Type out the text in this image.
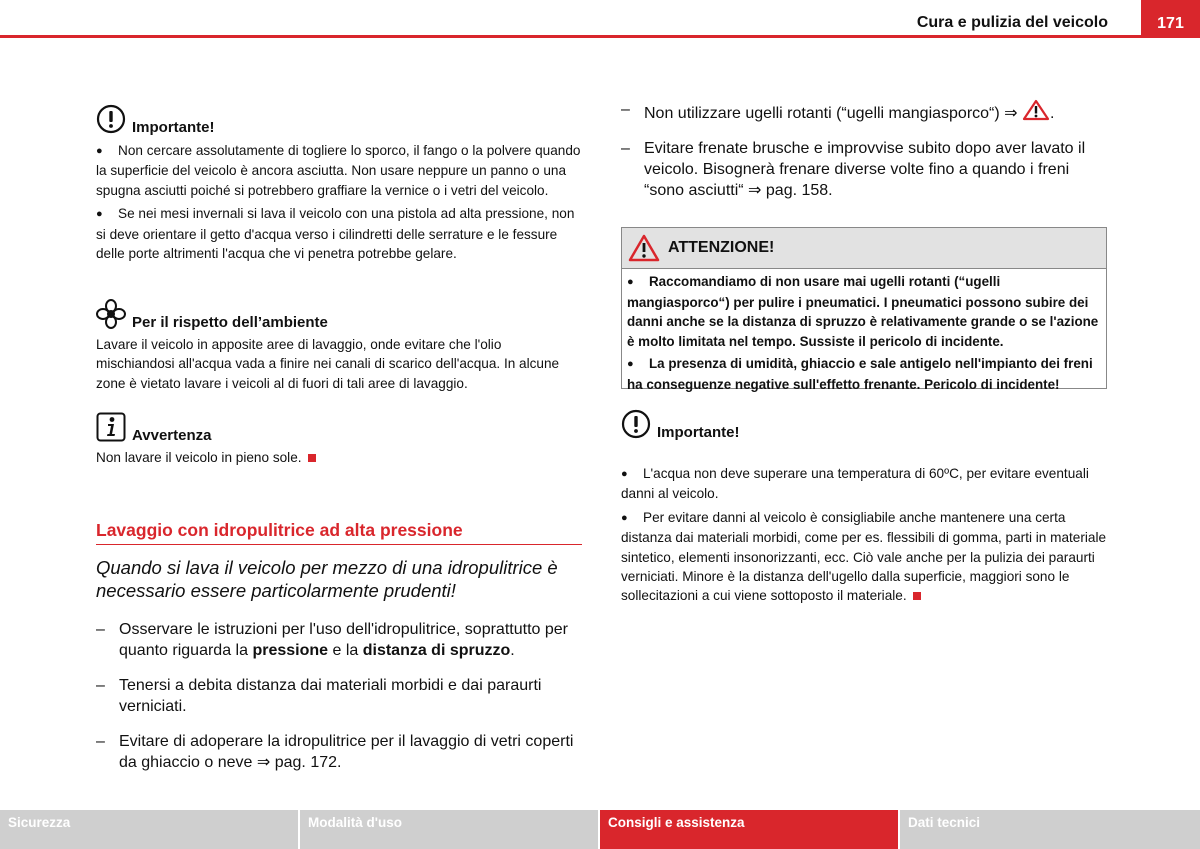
Cura e pulizia del veicolo	171
Importante!

● Non cercare assolutamente di togliere lo sporco, il fango o la polvere quando la superficie del veicolo è ancora asciutta. Non usare neppure un panno o una spugna asciutti poiché si potrebbero graffiare la vernice o i vetri del veicolo.

● Se nei mesi invernali si lava il veicolo con una pistola ad alta pressione, non si deve orientare il getto d'acqua verso i cilindretti delle serrature e le fessure delle porte altrimenti l'acqua che vi penetra potrebbe gelare.

Per il rispetto dell’ambiente
Lavare il veicolo in apposite aree di lavaggio, onde evitare che l'olio mischiandosi all'acqua vada a finire nei canali di scarico dell'acqua. In alcune zone è vietato lavare i veicoli al di fuori di tali aree di lavaggio.
Avvertenza
Non lavare il veicolo in pieno sole.
Lavaggio con idropulitrice ad alta pressione
Quando si lava il veicolo per mezzo di una idropulitrice è necessario essere particolarmente prudenti!
– Osservare le istruzioni per l'uso dell'idropulitrice, soprattutto per quanto riguarda la pressione e la distanza di spruzzo.
– Tenersi a debita distanza dai materiali morbidi e dai paraurti verniciati.
– Evitare di adoperare la idropulitrice per il lavaggio di vetri coperti da ghiaccio o neve ⇒ pag. 172.
– Non utilizzare ugelli rotanti (“ugelli mangiasporco“) ⇒ .
– Evitare frenate brusche e improvvise subito dopo aver lavato il veicolo. Bisognerà frenare diverse volte fino a quando i freni “sono asciutti“ ⇒ pag. 158.
ATTENZIONE!

● Raccomandiamo di non usare mai ugelli rotanti (“ugelli mangiasporco“) per pulire i pneumatici. I pneumatici possono subire dei danni anche se la distanza di spruzzo è relativamente grande o se l'azione è molto limitata nel tempo. Sussiste il pericolo di incidente.

● La presenza di umidità, ghiaccio e sale antigelo nell'impianto dei freni ha conseguenze negative sull'effetto frenante. Pericolo di incidente!

Importante!

● L'acqua non deve superare una temperatura di 60ºC, per evitare eventuali danni al veicolo.

● Per evitare danni al veicolo è consigliabile anche mantenere una certa distanza dai materiali morbidi, come per es. flessibili di gomma, parti in materiale sintetico, elementi insonorizzanti, ecc. Ciò vale anche per la pulizia dei paraurti verniciati. Minore è la distanza dell'ugello dalla superficie, maggiori sono le sollecitazioni a cui viene sottoposto il materiale.

Sicurezza	Modalità d'uso	Consigli e assistenza	Dati tecnici
